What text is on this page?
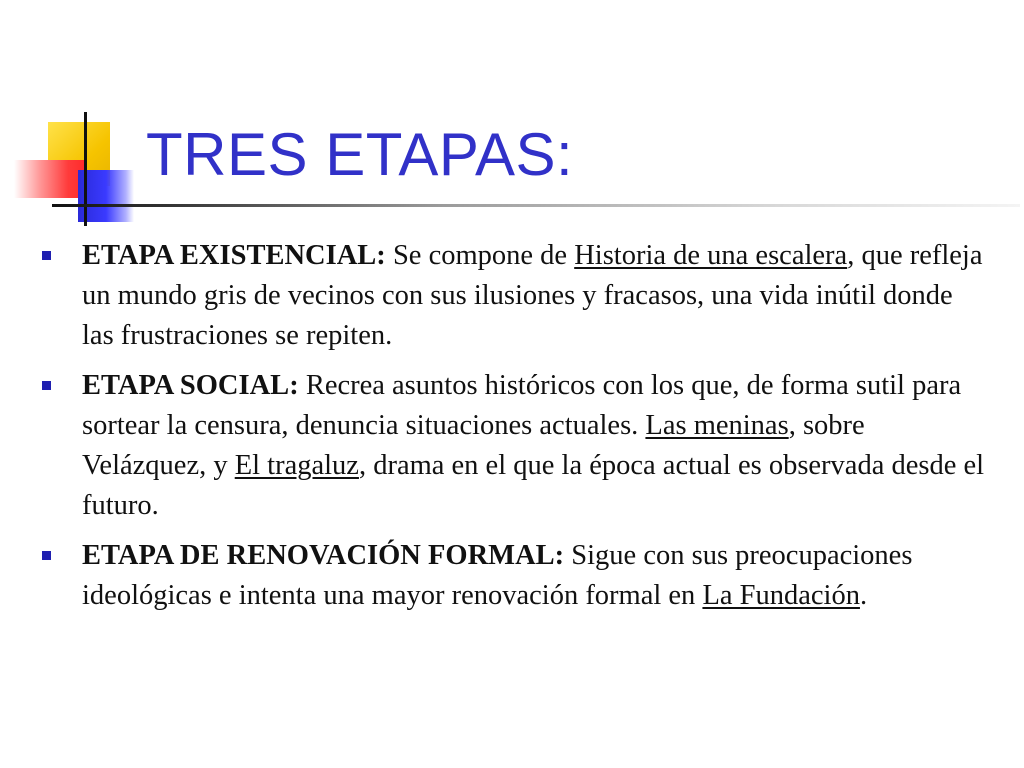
TRES ETAPAS:
ETAPA EXISTENCIAL: Se compone de Historia de una escalera, que refleja un mundo gris de vecinos con sus ilusiones y fracasos, una vida inútil donde las frustraciones se repiten.
ETAPA SOCIAL: Recrea asuntos históricos con los que, de forma sutil para sortear la censura, denuncia situaciones actuales. Las meninas, sobre Velázquez, y El tragaluz, drama en el que la época actual es observada desde el futuro.
ETAPA DE RENOVACIÓN FORMAL: Sigue con sus preocupaciones ideológicas e intenta una mayor renovación formal en La Fundación.
